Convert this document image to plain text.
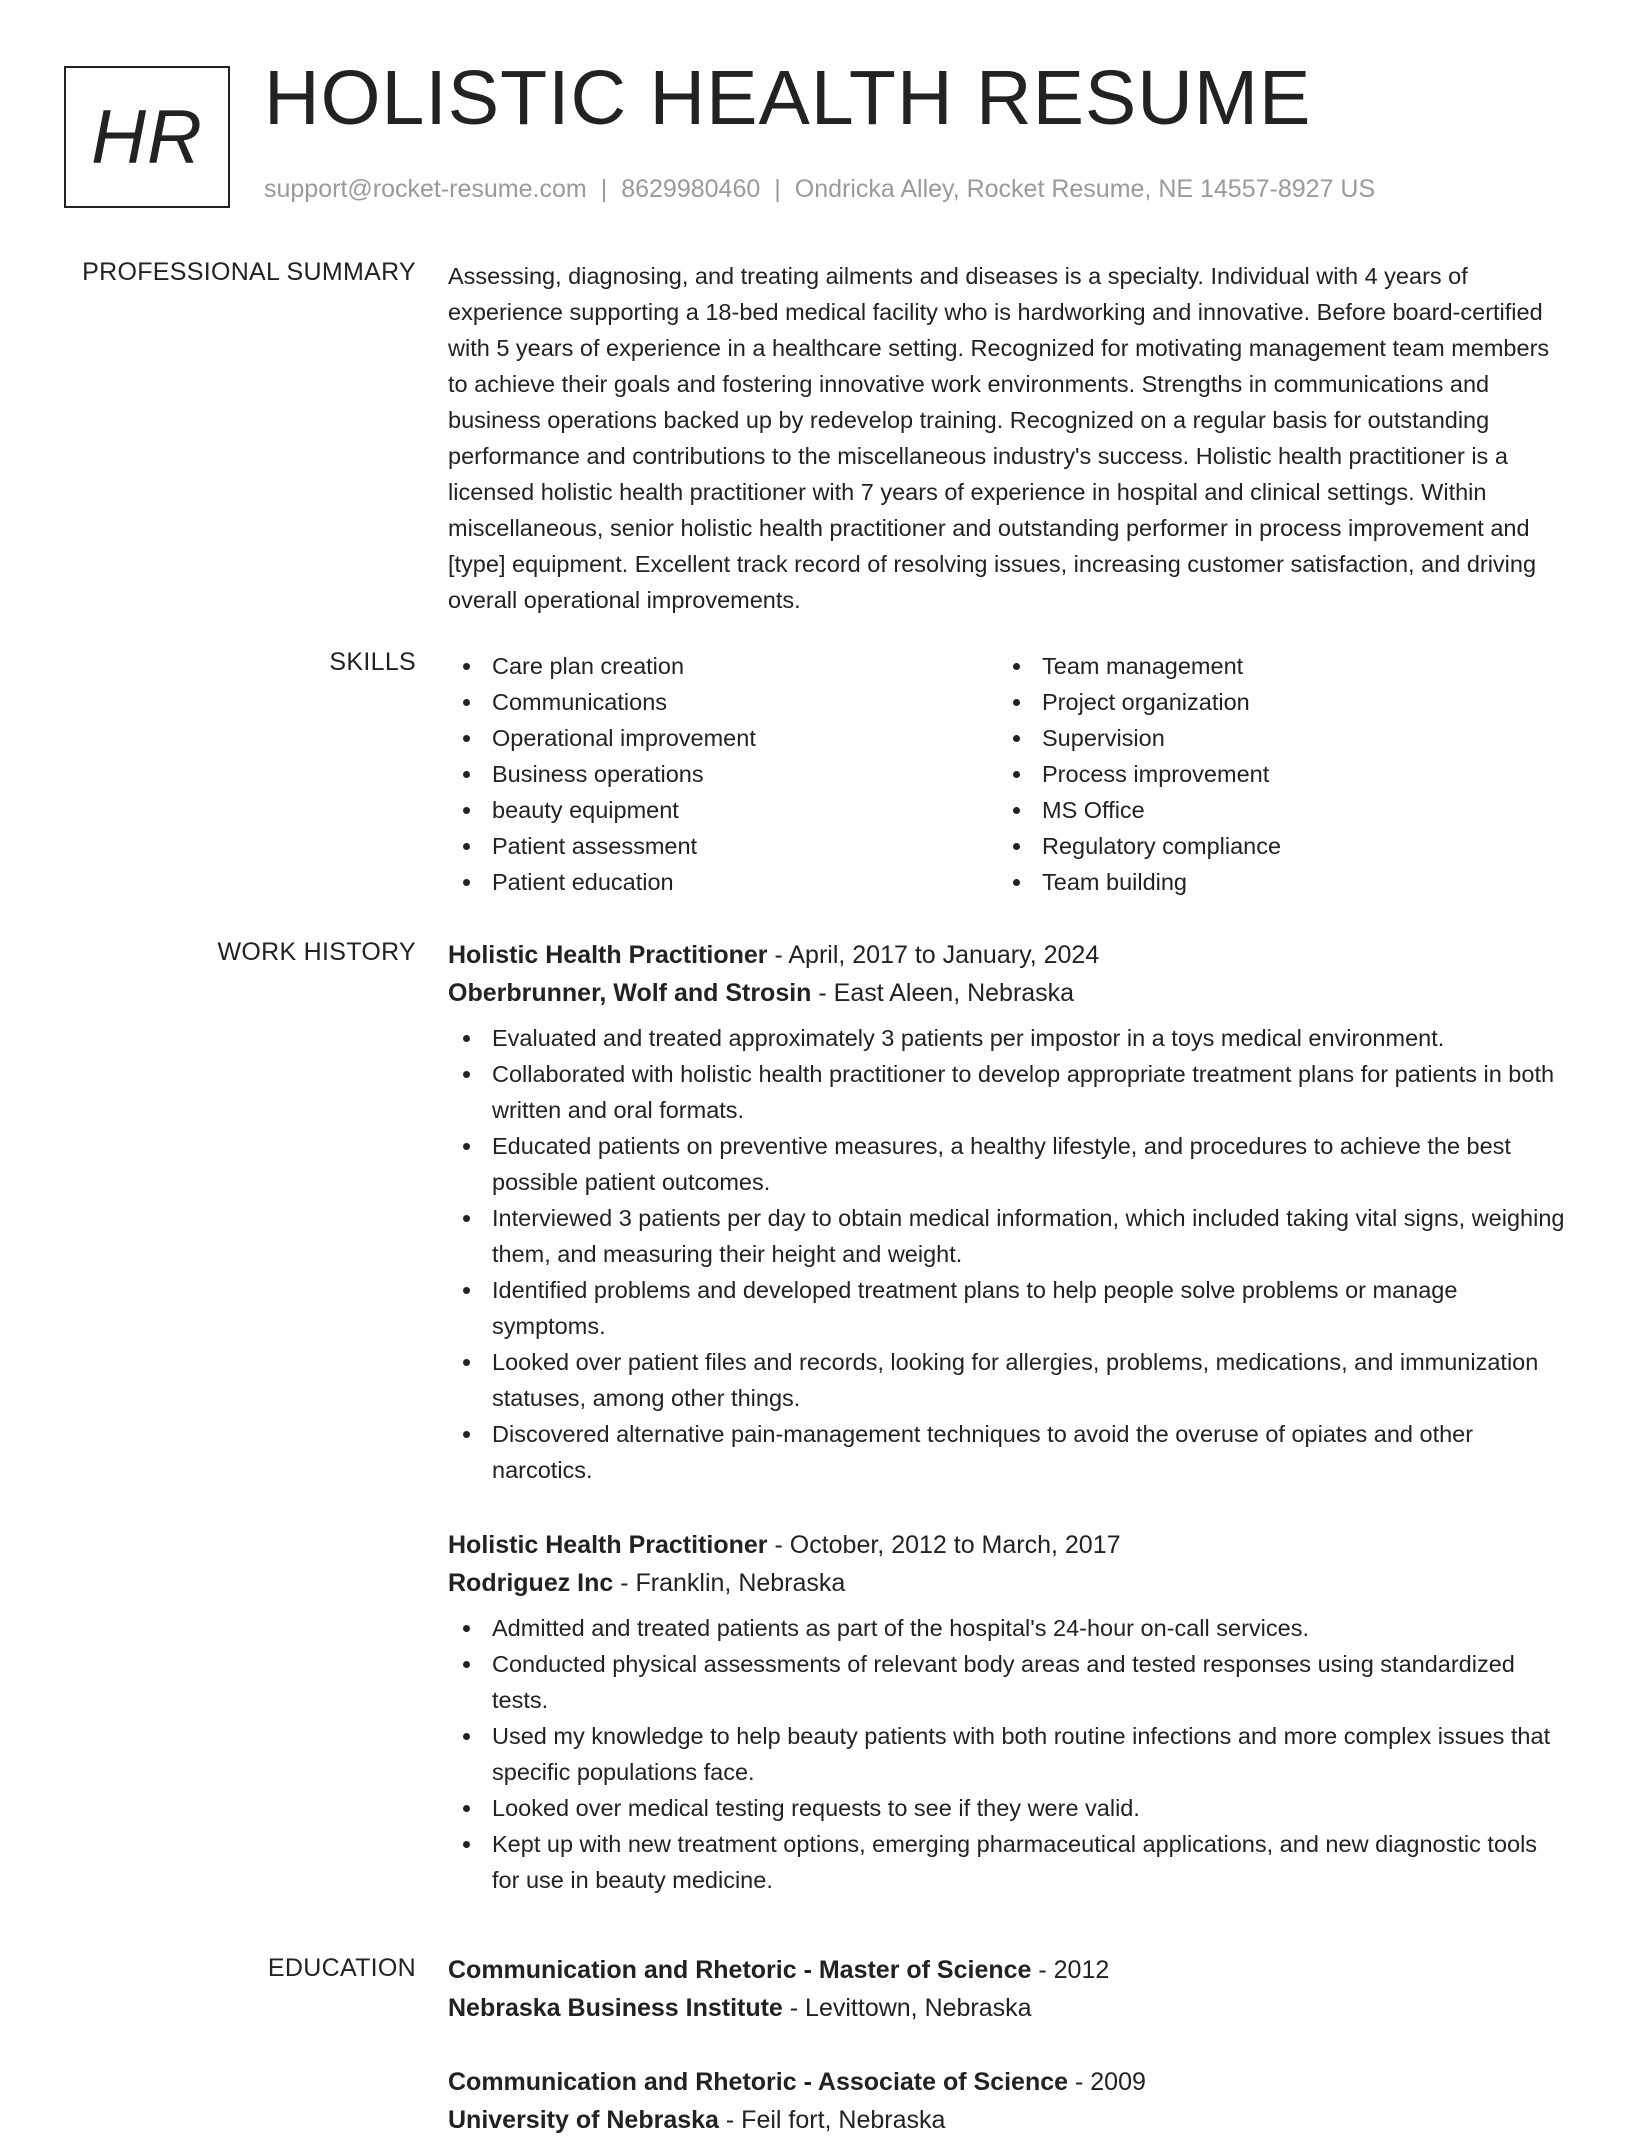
HR HOLISTIC HEALTH RESUME
support@rocket-resume.com | 8629980460 | Ondricka Alley, Rocket Resume, NE 14557-8927 US
PROFESSIONAL SUMMARY Assessing, diagnosing, and treating ailments and diseases is a specialty. Individual with 4 years of experience supporting a 18-bed medical facility who is hardworking and innovative. Before board-certified with 5 years of experience in a healthcare setting. Recognized for motivating management team members to achieve their goals and fostering innovative work environments. Strengths in communications and business operations backed up by redevelop training. Recognized on a regular basis for outstanding performance and contributions to the miscellaneous industry's success. Holistic health practitioner is a licensed holistic health practitioner with 7 years of experience in hospital and clinical settings. Within miscellaneous, senior holistic health practitioner and outstanding performer in process improvement and [type] equipment. Excellent track record of resolving issues, increasing customer satisfaction, and driving overall operational improvements.

SKILLS	Care plan creation
Communications
Operational improvement
Business operations
beauty equipment
Patient assessment
Patient education
Team management
Project organization
Supervision
Process improvement
MS Office
Regulatory compliance
Team building
WORK HISTORY Holistic Health Practitioner - April, 2017 to January, 2024
Oberbrunner, Wolf and Strosin - East Aleen, Nebraska
Evaluated and treated approximately 3 patients per impostor in a toys medical environment.
Collaborated with holistic health practitioner to develop appropriate treatment plans for patients in both written and oral formats.
Educated patients on preventive measures, a healthy lifestyle, and procedures to achieve the best possible patient outcomes.
Interviewed 3 patients per day to obtain medical information, which included taking vital signs, weighing them, and measuring their height and weight.
Identified problems and developed treatment plans to help people solve problems or manage symptoms.
Looked over patient files and records, looking for allergies, problems, medications, and immunization statuses, among other things.
Discovered alternative pain-management techniques to avoid the overuse of opiates and other narcotics.
Holistic Health Practitioner - October, 2012 to March, 2017
Rodriguez Inc - Franklin, Nebraska
Admitted and treated patients as part of the hospital's 24-hour on-call services.
Conducted physical assessments of relevant body areas and tested responses using standardized tests.
Used my knowledge to help beauty patients with both routine infections and more complex issues that specific populations face.
Looked over medical testing requests to see if they were valid.
Kept up with new treatment options, emerging pharmaceutical applications, and new diagnostic tools for use in beauty medicine.
EDUCATION Communication and Rhetoric - Master of Science - 2012
Nebraska Business Institute - Levittown, Nebraska
Communication and Rhetoric - Associate of Science - 2009
University of Nebraska - Feil fort, Nebraska
